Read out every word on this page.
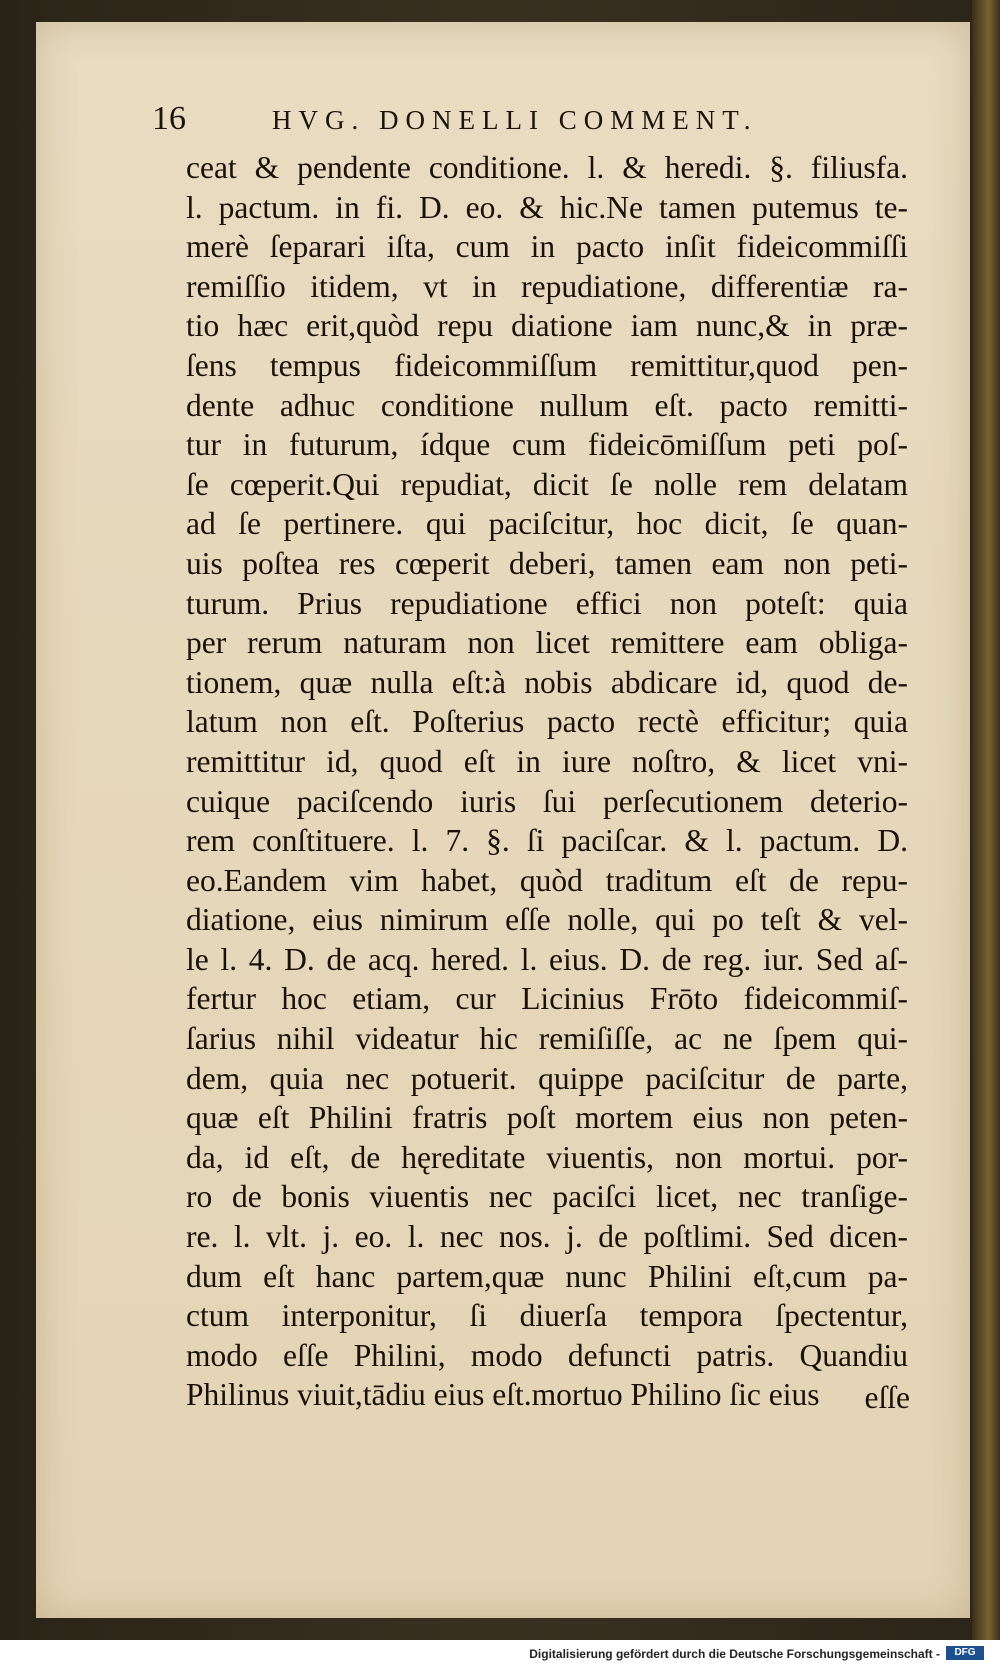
16	HVG. DONELLI COMMENT.
ceat & pendente conditione. l. & heredi. §. filiusfa.
l. pactum. in fi. D. eo. & hic.Ne tamen putemus te-
merè ſeparari iſta, cum in pacto inſit fideicommiſſi
remiſſio itidem, vt in repudiatione, differentiæ ra-
tio hæc erit,quòd repu diatione iam nunc,& in præ-
ſens tempus fideicommiſſum remittitur,quod pen-
dente adhuc conditione nullum eſt. pacto remitti-
tur in futurum, ídque cum fideicōmiſſum peti poſ-
ſe cœperit.Qui repudiat, dicit ſe nolle rem delatam
ad ſe pertinere. qui paciſcitur, hoc dicit, ſe quan-
uis poſtea res cœperit deberi, tamen eam non peti-
turum. Prius repudiatione effici non poteſt: quia
per rerum naturam non licet remittere eam obliga-
tionem, quæ nulla eſt:à nobis abdicare id, quod de-
latum non eſt. Poſterius pacto rectè efficitur; quia
remittitur id, quod eſt in iure noſtro, & licet vni-
cuique paciſcendo iuris ſui perſecutionem deterio-
rem conſtituere. l. 7. §. ſi paciſcar. & l. pactum. D.
eo.Eandem vim habet, quòd traditum eſt de repu-
diatione, eius nimirum eſſe nolle, qui po teſt & vel-
le l. 4. D. de acq. hered. l. eius. D. de reg. iur. Sed aſ-
fertur hoc etiam, cur Licinius Frōto fideicommiſ-
ſarius nihil videatur hic remiſiſſe, ac ne ſpem qui-
dem, quia nec potuerit. quippe paciſcitur de parte,
quæ eſt Philini fratris poſt mortem eius non peten-
da, id eſt, de hęreditate viuentis, non mortui. por-
ro de bonis viuentis nec paciſci licet, nec tranſige-
re. l. vlt. j. eo. l. nec nos. j. de poſtlimi. Sed dicen-
dum eſt hanc partem,quæ nunc Philini eſt,cum pa-
ctum interponitur, ſi diuerſa tempora ſpectentur,
modo eſſe Philini, modo defuncti patris. Quandiu
Philinus viuit,tādiu eius eſt.mortuo Philino ſic eius	eſſe
Digitalisierung gefördert durch die Deutsche Forschungsgemeinschaft -	DFG
